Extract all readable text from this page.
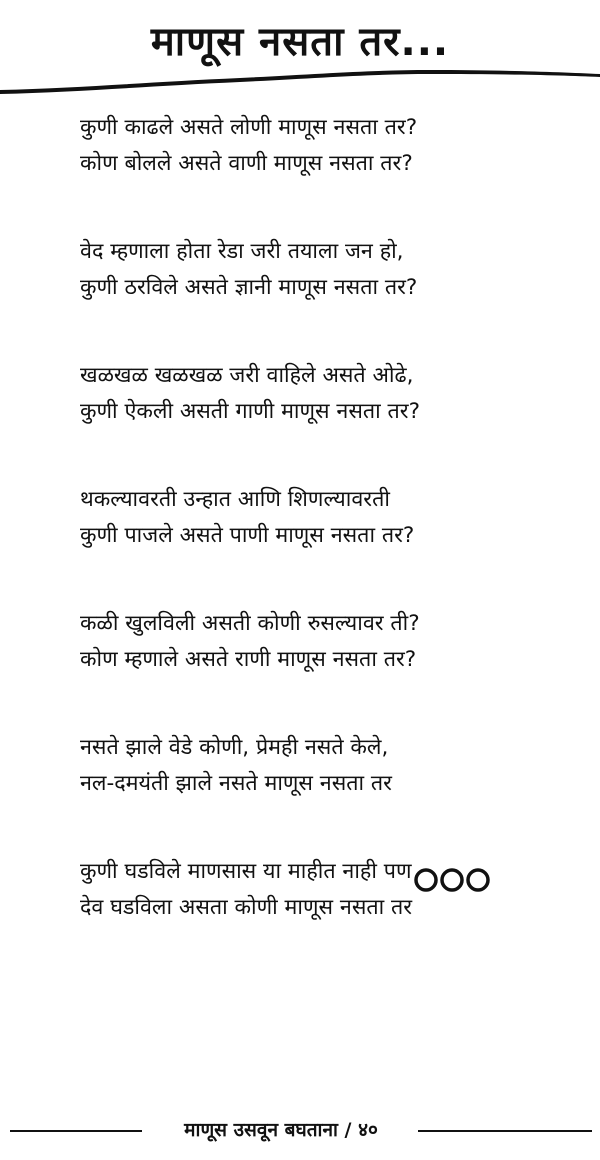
माणूस नसता तर...
कुणी काढले असते लोणी माणूस नसता तर?
कोण बोलले असते वाणी माणूस नसता तर?
वेद म्हणाला होता रेडा जरी तयाला जन हो,
कुणी ठरविले असते ज्ञानी माणूस नसता तर?
खळखळ खळखळ जरी वाहिले असते ओढे,
कुणी ऐकली असती गाणी माणूस नसता तर?
थकल्यावरती उन्हात आणि शिणल्यावरती
कुणी पाजले असते पाणी माणूस नसता तर?
कळी खुलविली असती कोणी रुसल्यावर ती?
कोण म्हणाले असते राणी माणूस नसता तर?
नसते झाले वेडे कोणी, प्रेमही नसते केले,
नल-दमयंती झाले नसते माणूस नसता तर
कुणी घडविले माणसास या माहीत नाही पण
देव घडविला असता कोणी माणूस नसता तर
माणूस उसवून बघताना / ४०
